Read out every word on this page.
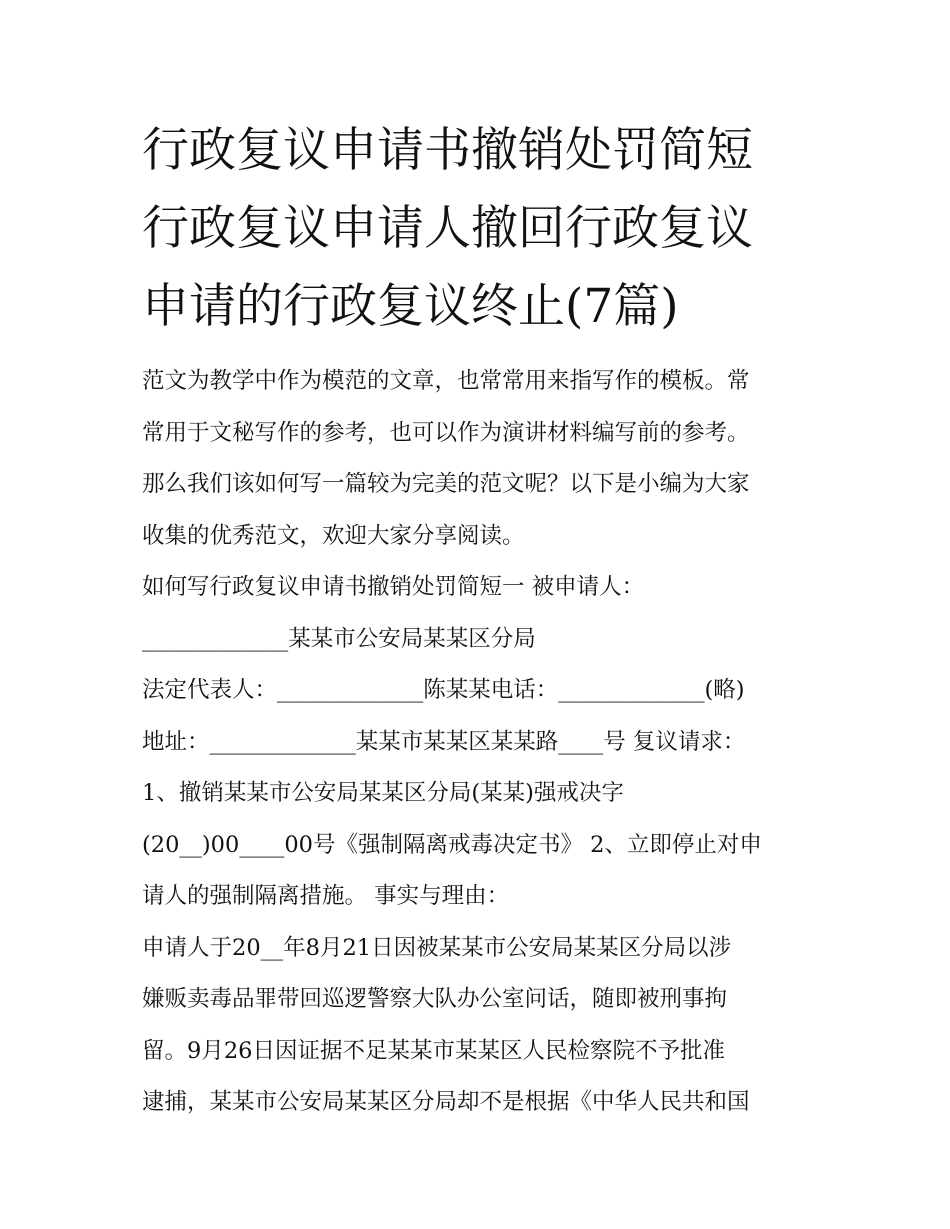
行政复议申请书撤销处罚简短
行政复议申请人撤回行政复议
申请的行政复议终止(7篇)
范文为教学中作为模范的文章，也常常用来指写作的模板。常
常用于文秘写作的参考，也可以作为演讲材料编写前的参考。
那么我们该如何写一篇较为完美的范文呢？以下是小编为大家
收集的优秀范文，欢迎大家分享阅读。
如何写行政复议申请书撤销处罚简短一 被申请人：
_____________某某市公安局某某区分局
法定代表人：_____________陈某某电话：_____________(略)
地址：_____________某某市某某区某某路____号 复议请求：
1、撤销某某市公安局某某区分局(某某)强戒决字
(20__)00____00号《强制隔离戒毒决定书》 2、立即停止对申
请人的强制隔离措施。 事实与理由：
申请人于20__年8月21日因被某某市公安局某某区分局以涉
嫌贩卖毒品罪带回巡逻警察大队办公室问话，随即被刑事拘
留。9月26日因证据不足某某市某某区人民检察院不予批准
逮捕，某某市公安局某某区分局却不是根据《中华人民共和国
